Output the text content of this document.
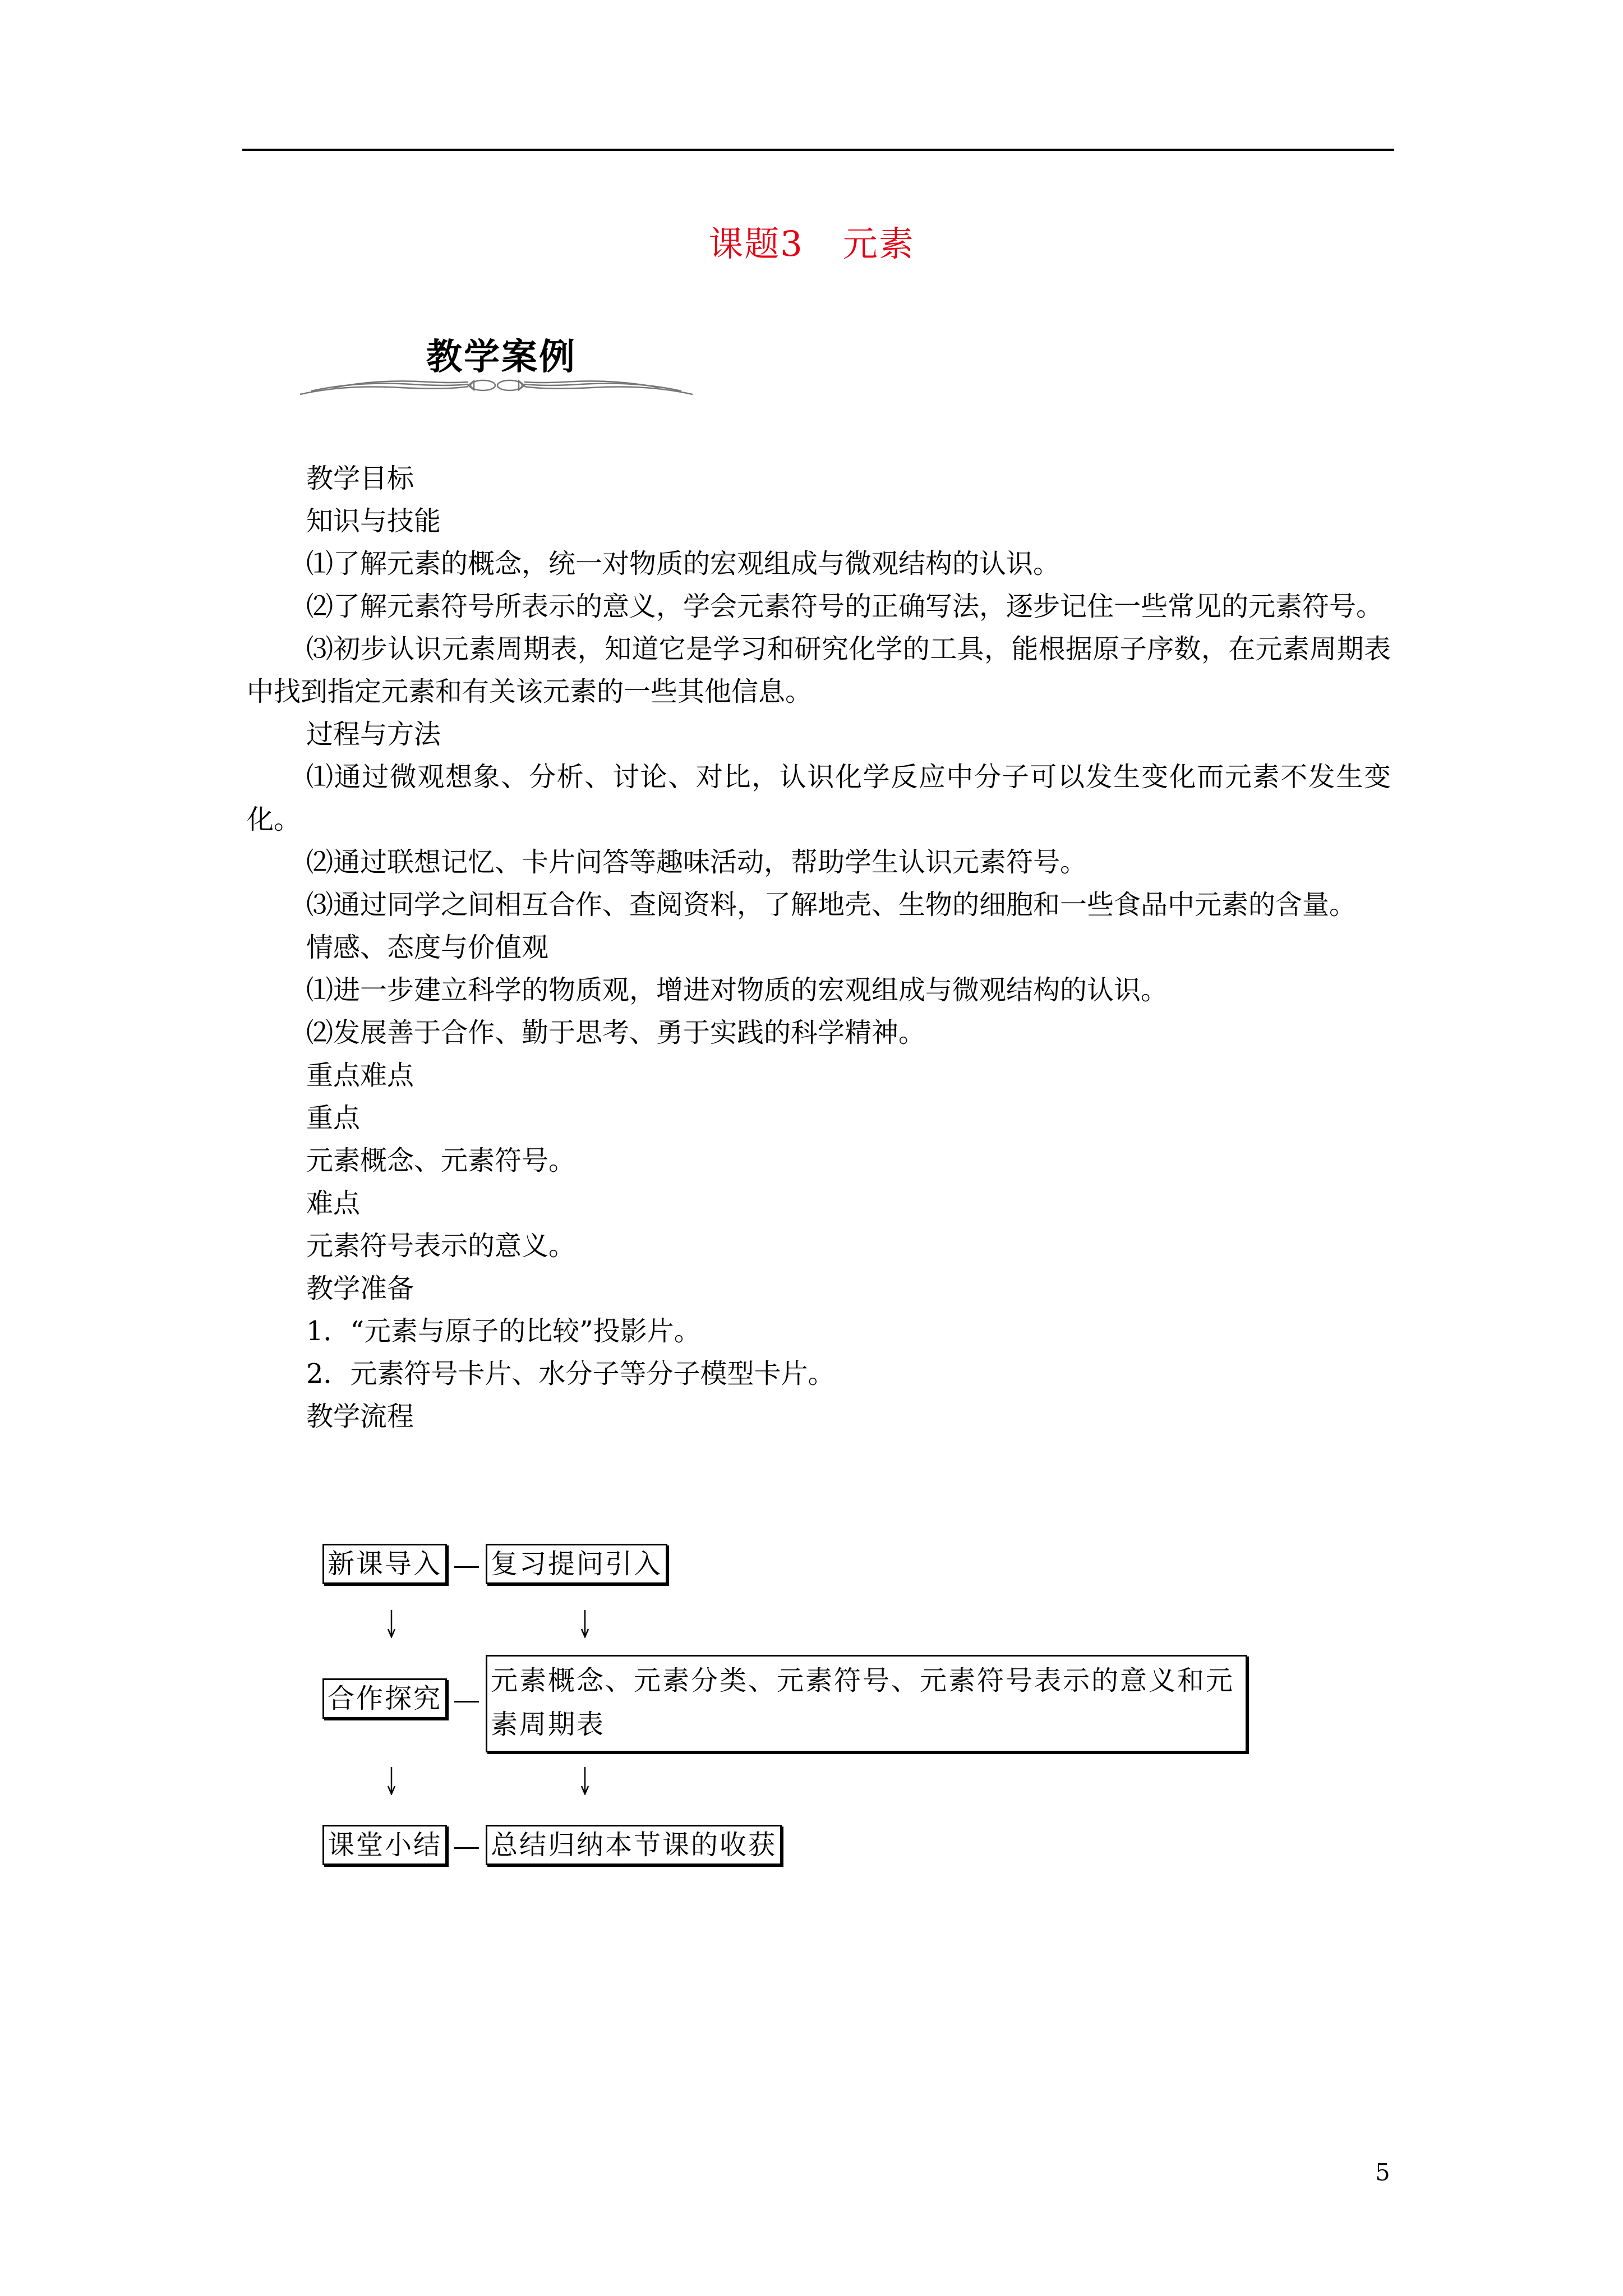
课题3 元素
教学案例

教学目标

知识与技能

⑴了解元素的概念，统一对物质的宏观组成与微观结构的认识。

⑵了解元素符号所表示的意义，学会元素符号的正确写法，逐步记住一些常见的元素符号。

⑶初步认识元素周期表，知道它是学习和研究化学的工具，能根据原子序数，在元素周期表中找到指定元素和有关该元素的一些其他信息。

过程与方法

⑴通过微观想象、分析、讨论、对比，认识化学反应中分子可以发生变化而元素不发生变化。

⑵通过联想记忆、卡片问答等趣味活动，帮助学生认识元素符号。

⑶通过同学之间相互合作、查阅资料，了解地壳、生物的细胞和一些食品中元素的含量。

情感、态度与价值观

⑴进一步建立科学的物质观，增进对物质的宏观组成与微观结构的认识。

⑵发展善于合作、勤于思考、勇于实践的科学精神。

重点难点

重点

元素概念、元素符号。

难点

元素符号表示的意义。

教学准备

1．“元素与原子的比较”投影片。

2．元素符号卡片、水分子等分子模型卡片。

教学流程

新课导入 复习提问引入
合作探究
元素概念、元素分类、元素符号、元素符号表示的意义和元素周期表
课堂小结 总结归纳本节课的收获
5
